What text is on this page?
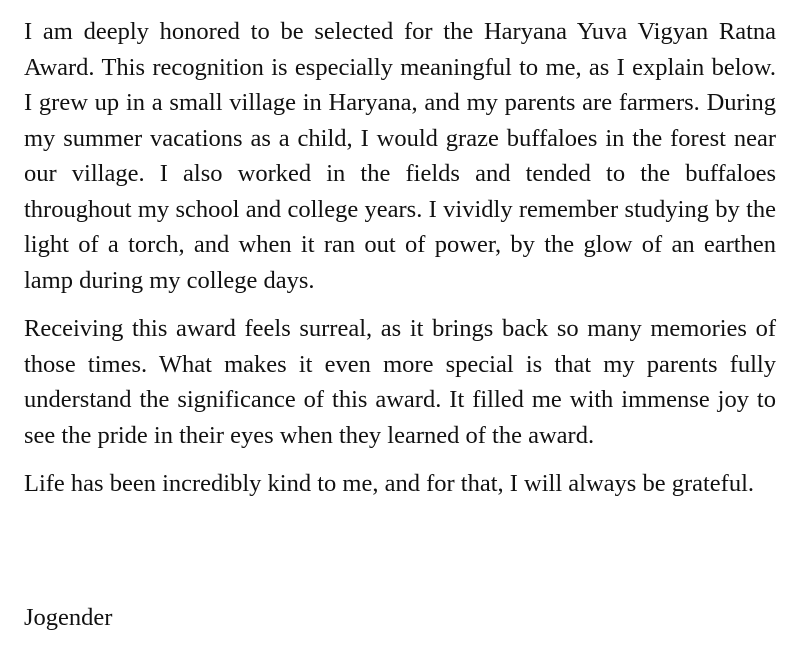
I am deeply honored to be selected for the Haryana Yuva Vigyan Ratna Award. This recognition is especially meaningful to me, as I explain below. I grew up in a small village in Haryana, and my parents are farmers. During my summer vacations as a child, I would graze buffaloes in the forest near our village. I also worked in the fields and tended to the buffaloes throughout my school and college years. I vividly remember studying by the light of a torch, and when it ran out of power, by the glow of an earthen lamp during my college days.

Receiving this award feels surreal, as it brings back so many memories of those times. What makes it even more special is that my parents fully understand the significance of this award. It filled me with immense joy to see the pride in their eyes when they learned of the award.

Life has been incredibly kind to me, and for that, I will always be grateful.

Jogender
